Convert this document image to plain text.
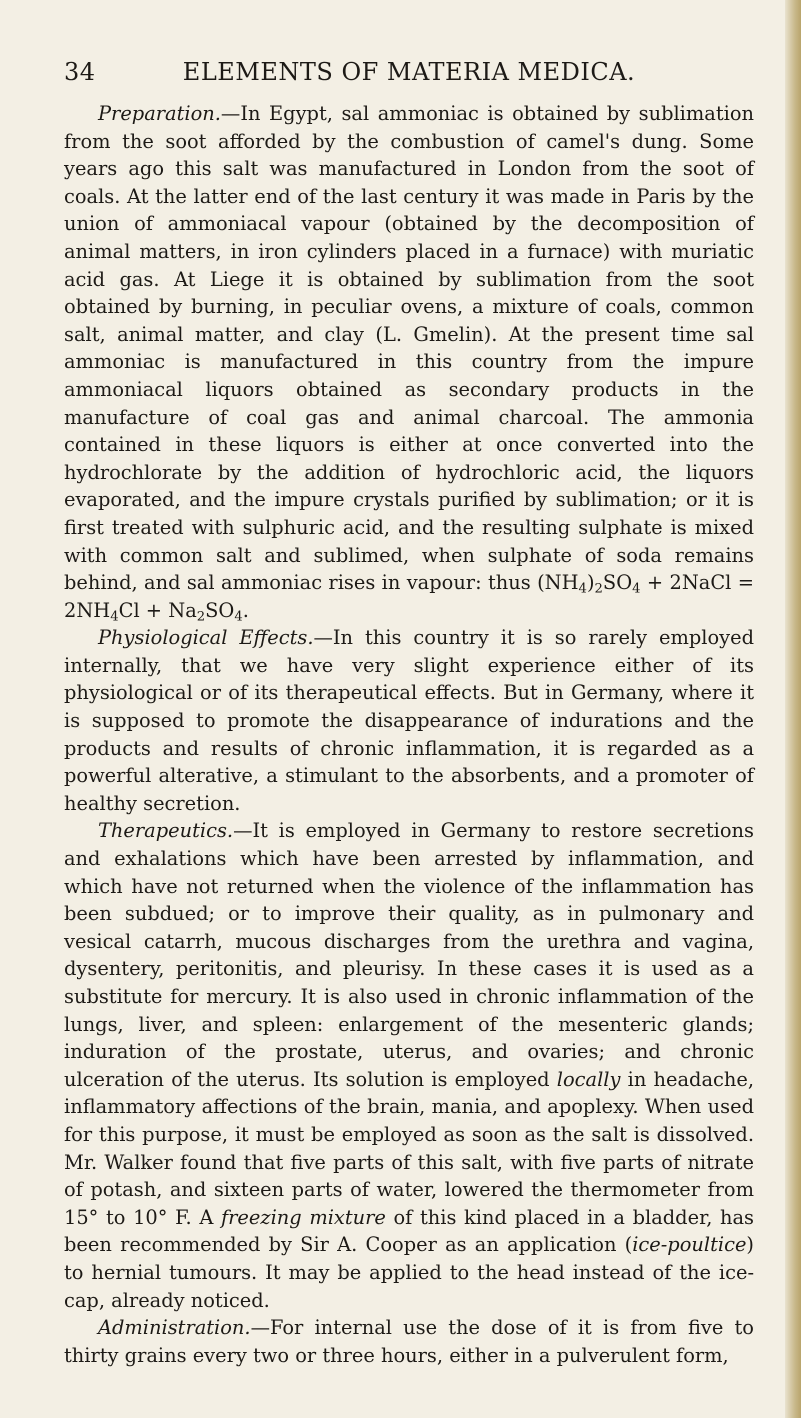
ELEMENTS OF MATERIA MEDICA.
34

Preparation.—In Egypt, sal ammoniac is obtained by sublimation from the soot afforded by the combustion of camel's dung. Some years ago this salt was manufactured in London from the soot of coals. At the latter end of the last century it was made in Paris by the union of ammoniacal vapour (obtained by the decomposition of animal matters, in iron cylinders placed in a furnace) with muriatic acid gas. At Liege it is obtained by sublimation from the soot obtained by burning, in peculiar ovens, a mixture of coals, common salt, animal matter, and clay (L. Gmelin). At the present time sal ammoniac is manufactured in this country from the impure ammoniacal liquors obtained as secondary products in the manufacture of coal gas and animal charcoal. The ammonia contained in these liquors is either at once converted into the hydrochlorate by the addition of hydrochloric acid, the liquors evaporated, and the impure crystals purified by sublimation; or it is first treated with sulphuric acid, and the resulting sulphate is mixed with common salt and sublimed, when sulphate of soda remains behind, and sal ammoniac rises in vapour: thus $(NH_4)_2SO_4$ + 2NaCl = $2NH_4Cl + Na_2SO_4$.

Physiological Effects.—In this country it is so rarely employed internally, that we have very slight experience either of its physiological or of its therapeutical effects. But in Germany, where it is supposed to promote the disappearance of indurations and the products and results of chronic inflammation, it is regarded as a powerful alterative, a stimulant to the absorbents, and a promoter of healthy secretion.

Therapeutics.—It is employed in Germany to restore secretions and exhalations which have been arrested by inflammation, and which have not returned when the violence of the inflammation has been subdued; or to improve their quality, as in pulmonary and vesical catarrh, mucous discharges from the urethra and vagina, dysentery, peritonitis, and pleurisy. In these cases it is used as a substitute for mercury. It is also used in chronic inflammation of the lungs, liver, and spleen: enlargement of the mesenteric glands; induration of the prostate, uterus, and ovaries; and chronic ulceration of the uterus. Its solution is employed locally in headache, inflammatory affections of the brain, mania, and apoplexy. When used for this purpose, it must be employed as soon as the salt is dissolved. Mr. Walker found that five parts of this salt, with five parts of nitrate of potash, and sixteen parts of water, lowered the thermometer from 15° to 10° F. A freezing mixture of this kind placed in a bladder, has been recommended by Sir A. Cooper as an application (ice-poultice) to hernial tumours. It may be applied to the head instead of the ice-cap, already noticed.

Administration.—For internal use the dose of it is from five to thirty grains every two or three hours, either in a pulverulent form,
